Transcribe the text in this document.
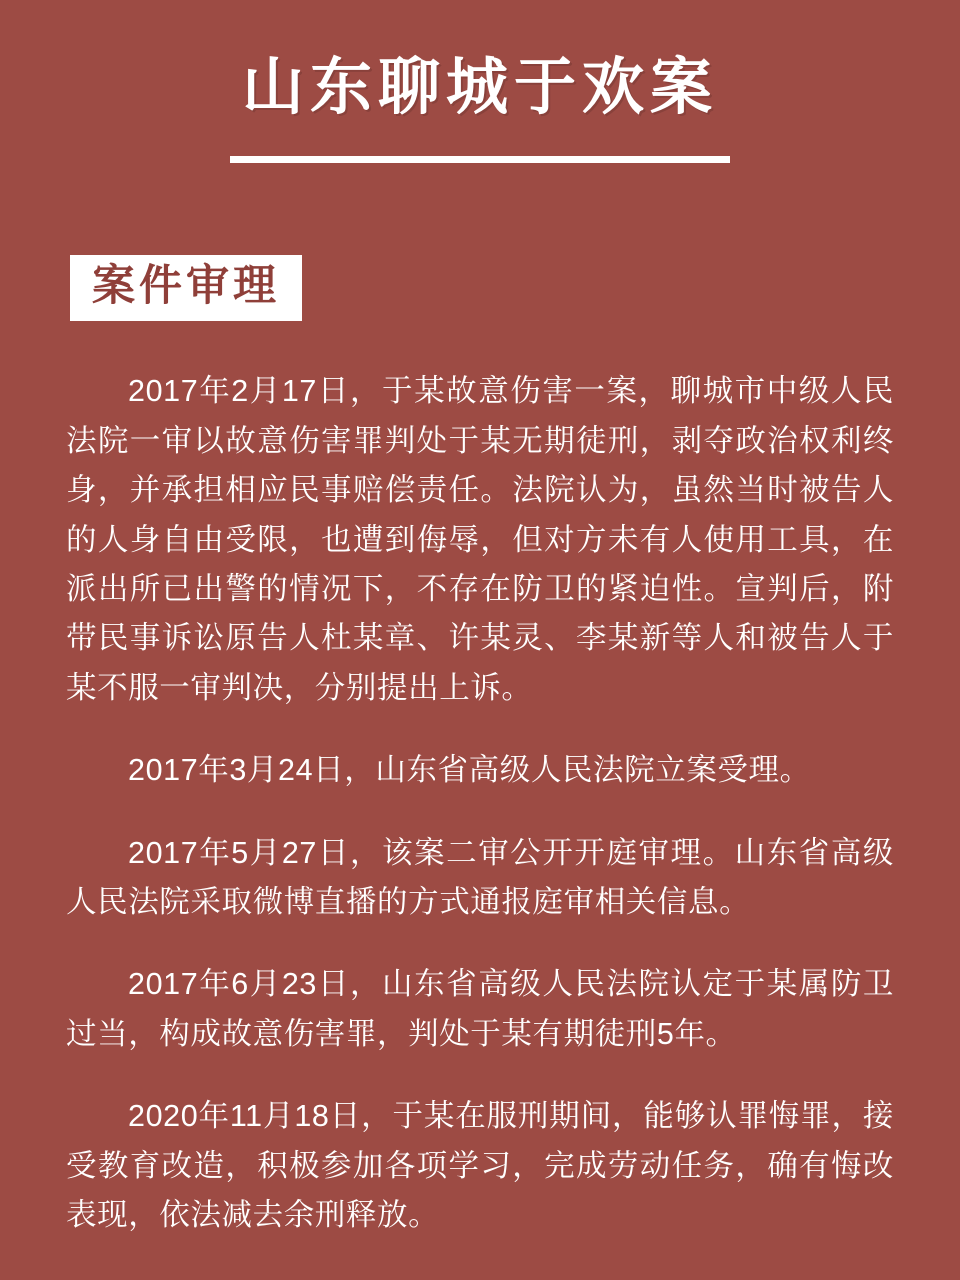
山东聊城于欢案
案件审理

2017年2月17日，于某故意伤害一案，聊城市中级人民法院一审以故意伤害罪判处于某无期徒刑，剥夺政治权利终身，并承担相应民事赔偿责任。法院认为，虽然当时被告人的人身自由受限，也遭到侮辱，但对方未有人使用工具，在派出所已出警的情况下，不存在防卫的紧迫性。宣判后，附带民事诉讼原告人杜某章、许某灵、李某新等人和被告人于某不服一审判决，分别提出上诉。

2017年3月24日，山东省高级人民法院立案受理。

2017年5月27日，该案二审公开开庭审理。山东省高级人民法院采取微博直播的方式通报庭审相关信息。

2017年6月23日，山东省高级人民法院认定于某属防卫过当，构成故意伤害罪，判处于某有期徒刑5年。

2020年11月18日，于某在服刑期间，能够认罪悔罪，接受教育改造，积极参加各项学习，完成劳动任务，确有悔改表现，依法减去余刑释放。
